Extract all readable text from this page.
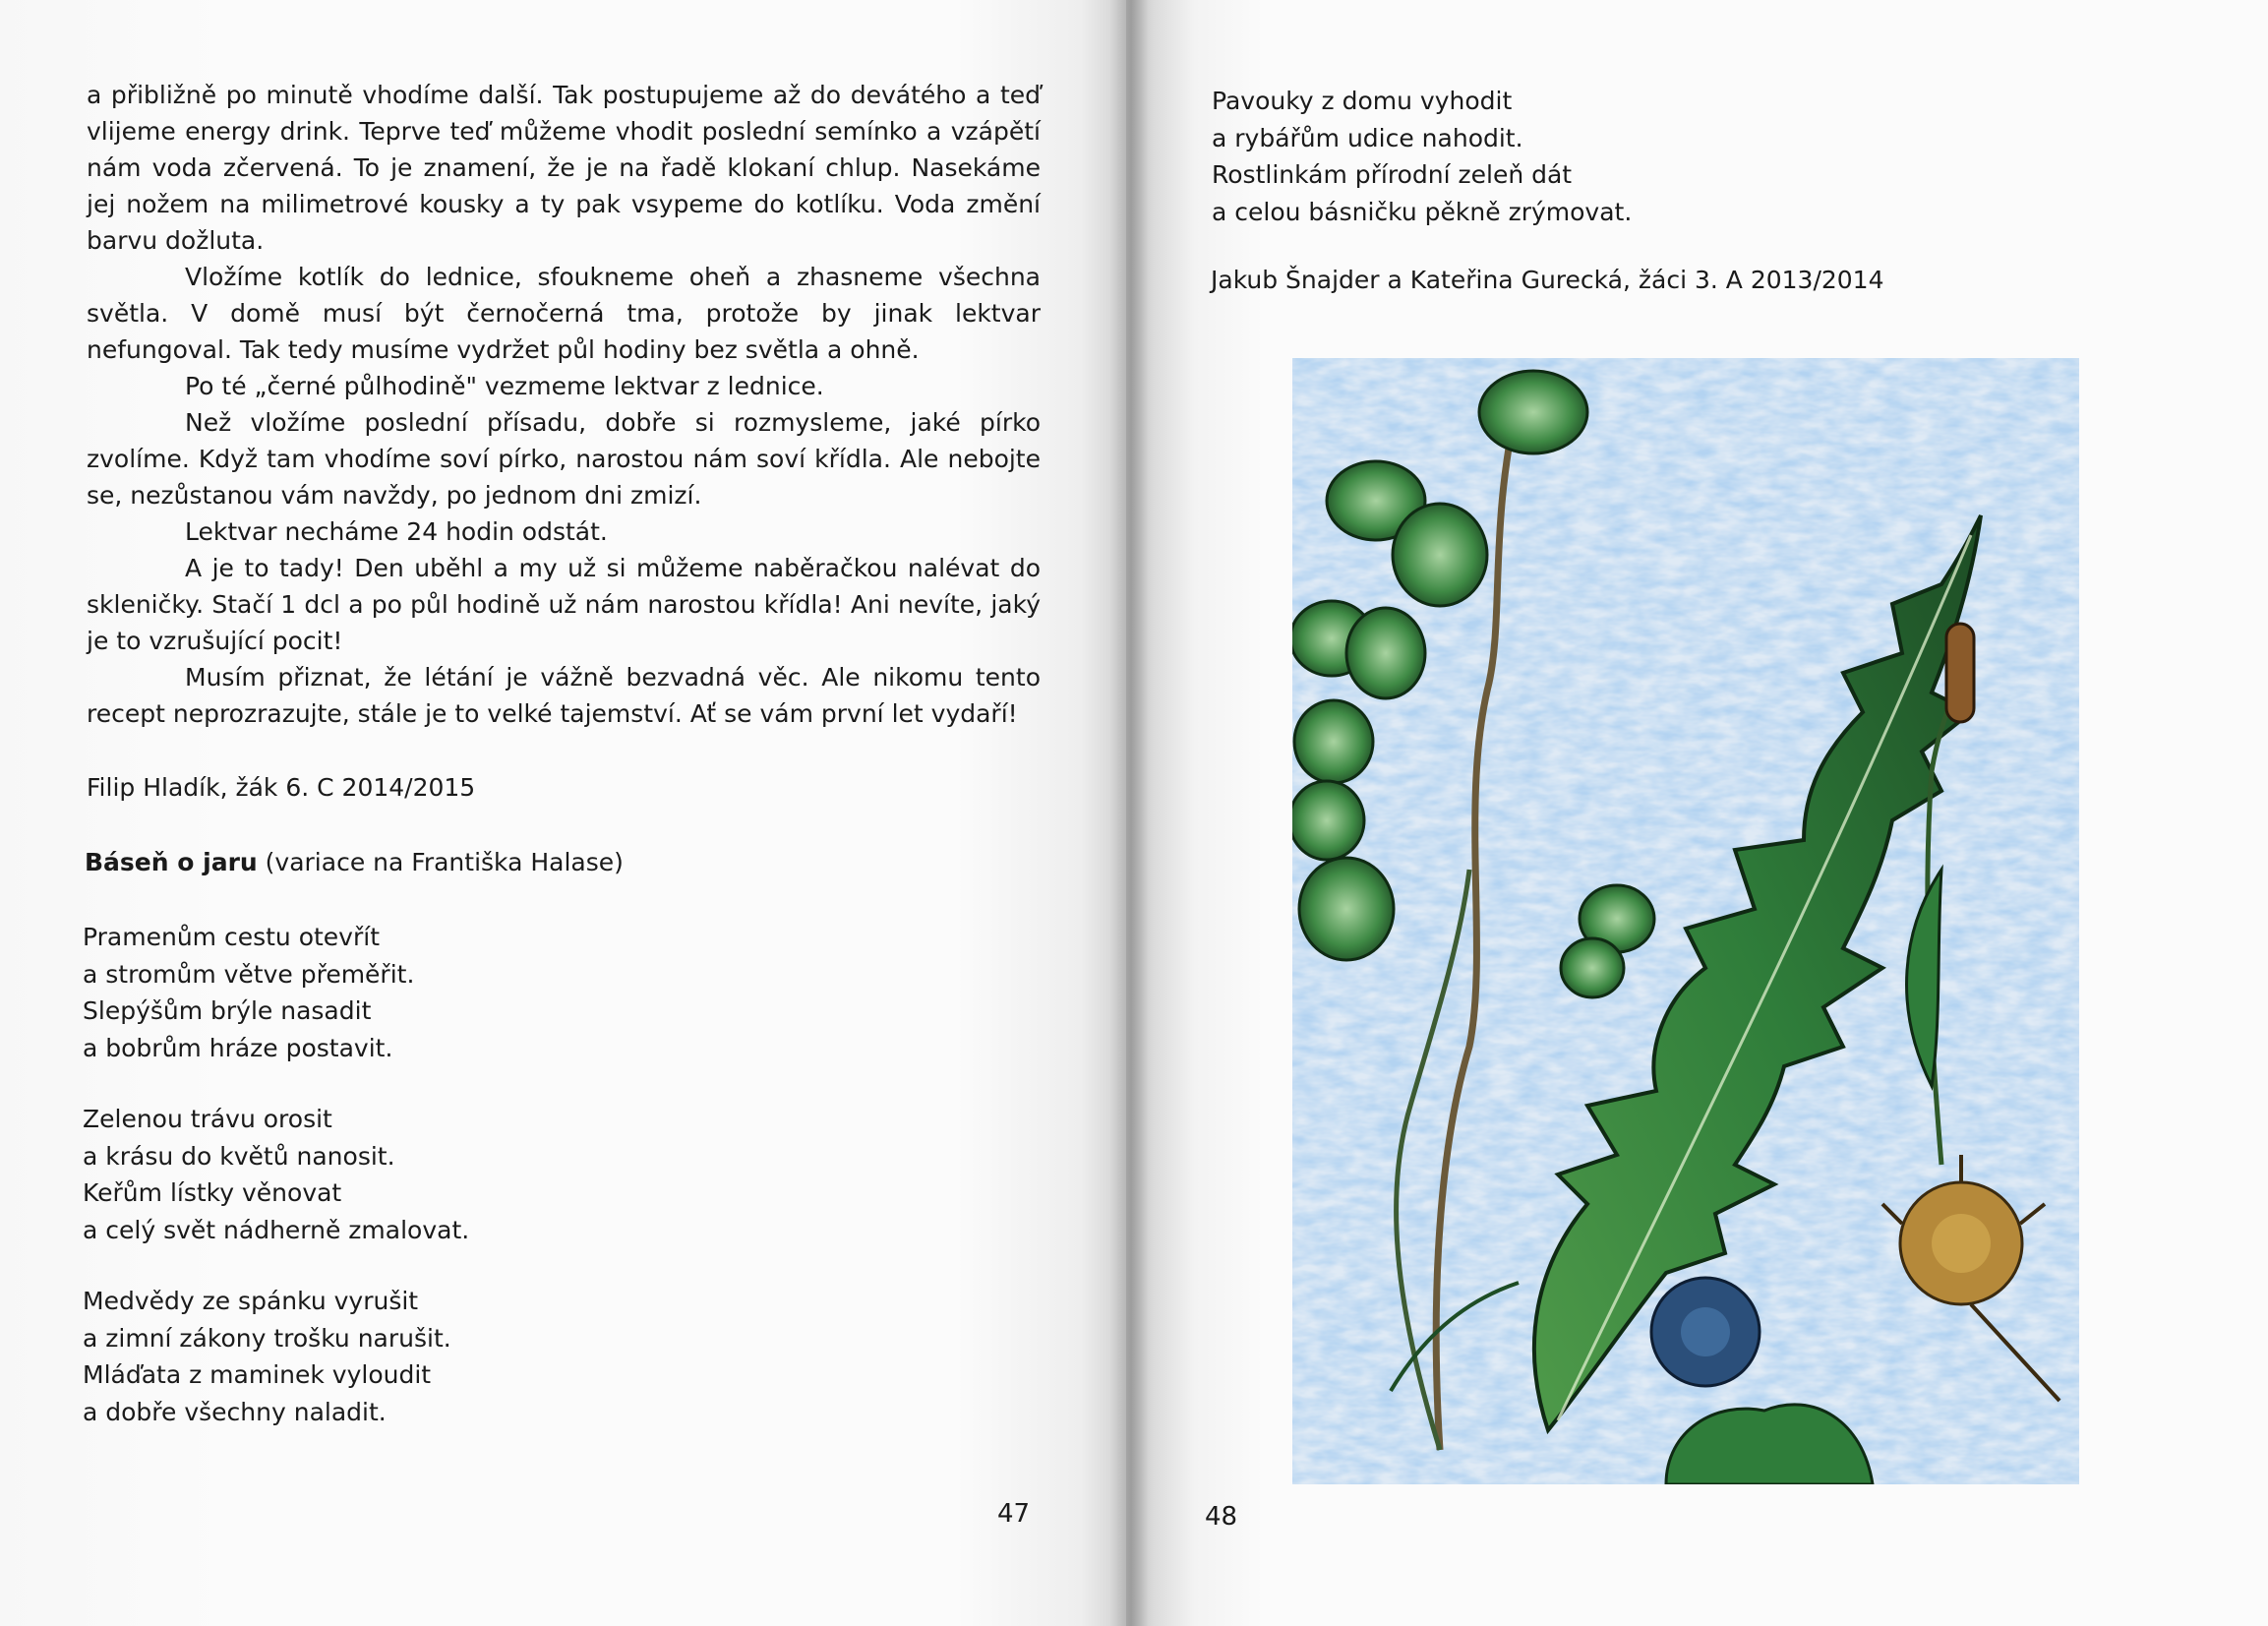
a přibližně po minutě vhodíme další. Tak postupujeme až do devátého a teď vlijeme energy drink. Teprve teď můžeme vhodit poslední semínko a vzápětí nám voda zčervená. To je znamení, že je na řadě klokaní chlup. Nasekáme jej nožem na milimetrové kousky a ty pak vsypeme do kotlíku. Voda změní barvu dožluta.

Vložíme kotlík do lednice, sfoukneme oheň a zhasneme všechna světla. V domě musí být černočerná tma, protože by jinak lektvar nefungoval. Tak tedy musíme vydržet půl hodiny bez světla a ohně.

Po té „černé půlhodině" vezmeme lektvar z lednice.

Než vložíme poslední přísadu, dobře si rozmysleme, jaké pírko zvolíme. Když tam vhodíme soví pírko, narostou nám soví křídla. Ale nebojte se, nezůstanou vám navždy, po jednom dni zmizí.

Lektvar necháme 24 hodin odstát.

A je to tady! Den uběhl a my už si můžeme naběračkou nalévat do skleničky. Stačí 1 dcl a po půl hodině už nám narostou křídla! Ani nevíte, jaký je to vzrušující pocit!

Musím přiznat, že létání je vážně bezvadná věc. Ale nikomu tento recept neprozrazujte, stále je to velké tajemství. Ať se vám první let vydaří!

Filip Hladík, žák 6. C 2014/2015
Báseň o jaru (variace na Františka Halase)
Pramenům cestu otevřít
a stromům větve přeměřit.
Slepýšům brýle nasadit
a bobrům hráze postavit.
Zelenou trávu orosit
a krásu do květů nanosit.
Keřům lístky věnovat
a celý svět nádherně zmalovat.
Medvědy ze spánku vyrušit
a zimní zákony trošku narušit.
Mláďata z maminek vyloudit
a dobře všechny naladit.
47
Pavouky z domu vyhodit
a rybářům udice nahodit.
Rostlinkám přírodní zeleň dát
a celou básničku pěkně zrýmovat.
Jakub Šnajder a Kateřina Gurecká, žáci 3. A 2013/2014
48
